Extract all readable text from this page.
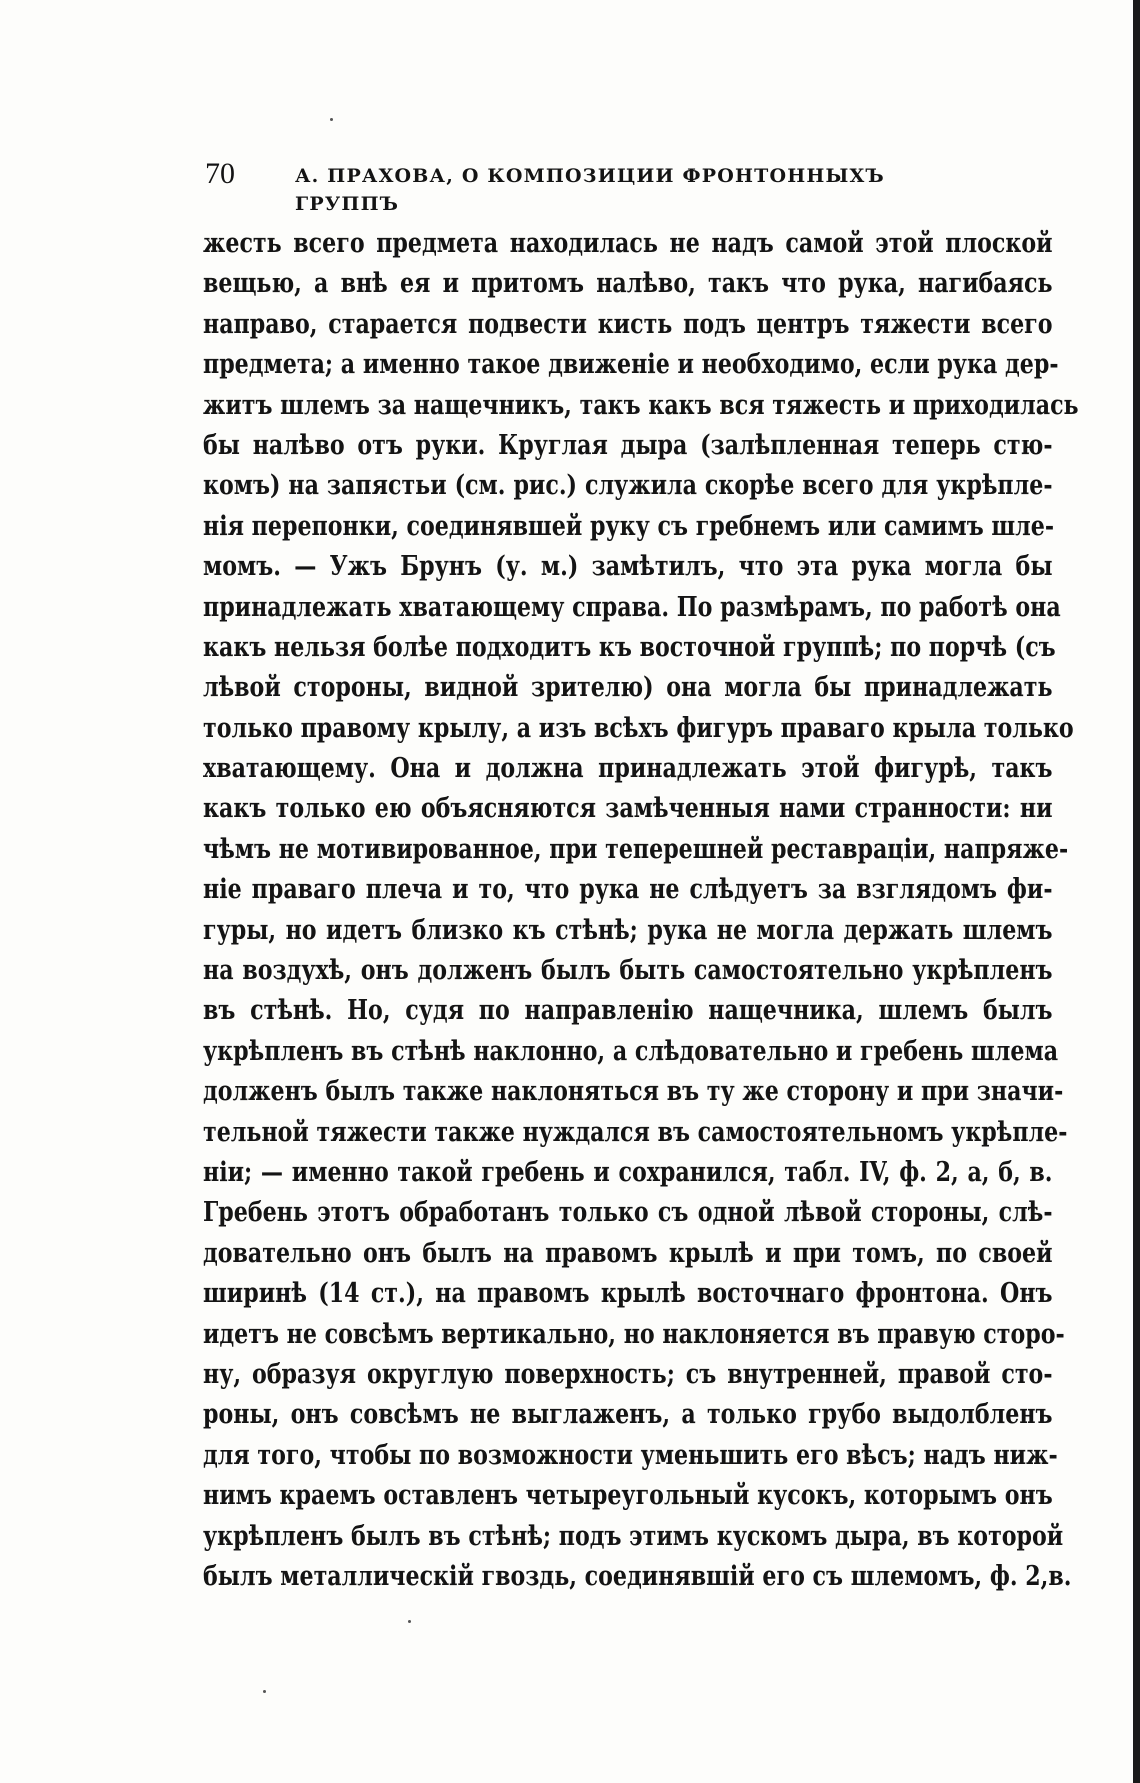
70	А. ПРАХОВА, О КОМПОЗИЦИИ ФРОНТОННЫХЪ ГРУППЪ
жесть всего предмета находилась не надъ самой этой плоской
вещью, а внѣ ея и притомъ налѣво, такъ что рука, нагибаясь
направо, старается подвести кисть подъ центръ тяжести всего
предмета; а именно такое движенiе и необходимо, если рука дер-
житъ шлемъ за нащечникъ, такъ какъ вся тяжесть и приходилась
бы налѣво отъ руки. Круглая дыра (залѣпленная теперь стю-
комъ) на запястьи (см. рис.) служила скорѣе всего для укрѣпле-
нiя перепонки, соединявшей руку съ гребнемъ или самимъ шле-
момъ. — Ужъ Брунъ (у. м.) замѣтилъ, что эта рука могла бы
принадлежать хватающему справа. По размѣрамъ, по работѣ она
какъ нельзя болѣе подходитъ къ восточной группѣ; по порчѣ (съ
лѣвой стороны, видной зрителю) она могла бы принадлежать
только правому крылу, а изъ всѣхъ фигуръ праваго крыла только
хватающему. Она и должна принадлежать этой фигурѣ, такъ
какъ только ею объясняются замѣченныя нами странности: ни
чѣмъ не мотивированное, при теперешней реставрацiи, напряже-
нiе праваго плеча и то, что рука не слѣдуетъ за взглядомъ фи-
гуры, но идетъ близко къ стѣнѣ; рука не могла держать шлемъ
на воздухѣ, онъ долженъ былъ быть самостоятельно укрѣпленъ
въ стѣнѣ. Но, судя по направленiю нащечника, шлемъ былъ
укрѣпленъ въ стѣнѣ наклонно, а слѣдовательно и гребень шлема
долженъ былъ также наклоняться въ ту же сторону и при значи-
тельной тяжести также нуждался въ самостоятельномъ укрѣпле-
нiи; — именно такой гребень и сохранился, табл. IV, ф. 2, а, б, в.
Гребень этотъ обработанъ только съ одной лѣвой стороны, слѣ-
довательно онъ былъ на правомъ крылѣ и при томъ, по своей
ширинѣ (14 ст.), на правомъ крылѣ восточнаго фронтона. Онъ
идетъ не совсѣмъ вертикально, но наклоняется въ правую сторо-
ну, образуя округлую поверхность; съ внутренней, правой сто-
роны, онъ совсѣмъ не выглаженъ, а только грубо выдолбленъ
для того, чтобы по возможности уменьшить его вѣсъ; надъ ниж-
нимъ краемъ оставленъ четыреугольный кусокъ, которымъ онъ
укрѣпленъ былъ въ стѣнѣ; подъ этимъ кускомъ дыра, въ которой
былъ металлическiй гвоздь, соединявшiй его съ шлемомъ, ф. 2,в.
